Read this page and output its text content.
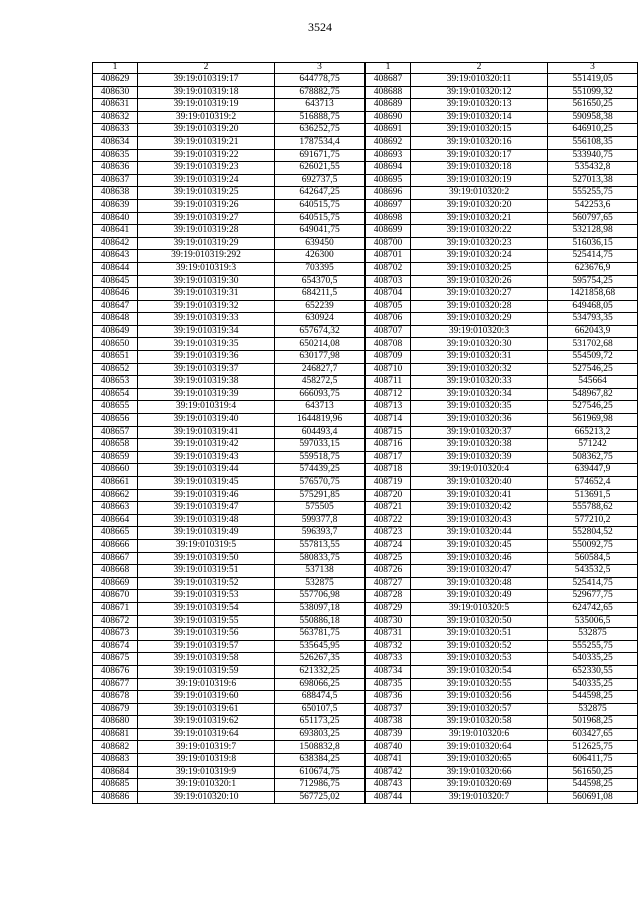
3524
1	2	3
408629	39:19:010319:17	644778,75
408630	39:19:010319:18	678882,75
408631	39:19:010319:19	643713
408632	39:19:010319:2	516888,75
408633	39:19:010319:20	636252,75
408634	39:19:010319:21	1787534,4
408635	39:19:010319:22	691671,75
408636	39:19:010319:23	626021,55
408637	39:19:010319:24	692737,5
408638	39:19:010319:25	642647,25
408639	39:19:010319:26	640515,75
408640	39:19:010319:27	640515,75
408641	39:19:010319:28	649041,75
408642	39:19:010319:29	639450
408643	39:19:010319:292	426300
408644	39:19:010319:3	703395
408645	39:19:010319:30	654370,5
408646	39:19:010319:31	684211,5
408647	39:19:010319:32	652239
408648	39:19:010319:33	630924
408649	39:19:010319:34	657674,32
408650	39:19:010319:35	650214,08
408651	39:19:010319:36	630177,98
408652	39:19:010319:37	246827,7
408653	39:19:010319:38	458272,5
408654	39:19:010319:39	666093,75
408655	39:19:010319:4	643713
408656	39:19:010319:40	1644819,96
408657	39:19:010319:41	604493,4
408658	39:19:010319:42	597033,15
408659	39:19:010319:43	559518,75
408660	39:19:010319:44	574439,25
408661	39:19:010319:45	576570,75
408662	39:19:010319:46	575291,85
408663	39:19:010319:47	575505
408664	39:19:010319:48	599377,8
408665	39:19:010319:49	596393,7
408666	39:19:010319:5	557813,55
408667	39:19:010319:50	580833,75
408668	39:19:010319:51	537138
408669	39:19:010319:52	532875
408670	39:19:010319:53	557706,98
408671	39:19:010319:54	538097,18
408672	39:19:010319:55	550886,18
408673	39:19:010319:56	563781,75
408674	39:19:010319:57	535645,95
408675	39:19:010319:58	526267,35
408676	39:19:010319:59	621332,25
408677	39:19:010319:6	698066,25
408678	39:19:010319:60	688474,5
408679	39:19:010319:61	650107,5
408680	39:19:010319:62	651173,25
408681	39:19:010319:64	693803,25
408682	39:19:010319:7	1508832,8
408683	39:19:010319:8	638384,25
408684	39:19:010319:9	610674,75
408685	39:19:010320:1	712986,75
408686	39:19:010320:10	567725,02
1	2	3
408687	39:19:010320:11	551419,05
408688	39:19:010320:12	551099,32
408689	39:19:010320:13	561650,25
408690	39:19:010320:14	590958,38
408691	39:19:010320:15	646910,25
408692	39:19:010320:16	556108,35
408693	39:19:010320:17	533940,75
408694	39:19:010320:18	535432,8
408695	39:19:010320:19	527013,38
408696	39:19:010320:2	555255,75
408697	39:19:010320:20	542253,6
408698	39:19:010320:21	560797,65
408699	39:19:010320:22	532128,98
408700	39:19:010320:23	516036,15
408701	39:19:010320:24	525414,75
408702	39:19:010320:25	623676,9
408703	39:19:010320:26	595754,25
408704	39:19:010320:27	1421858,68
408705	39:19:010320:28	649468,05
408706	39:19:010320:29	534793,35
408707	39:19:010320:3	662043,9
408708	39:19:010320:30	531702,68
408709	39:19:010320:31	554509,72
408710	39:19:010320:32	527546,25
408711	39:19:010320:33	545664
408712	39:19:010320:34	548967,82
408713	39:19:010320:35	527546,25
408714	39:19:010320:36	561969,98
408715	39:19:010320:37	665213,2
408716	39:19:010320:38	571242
408717	39:19:010320:39	508362,75
408718	39:19:010320:4	639447,9
408719	39:19:010320:40	574652,4
408720	39:19:010320:41	513691,5
408721	39:19:010320:42	555788,62
408722	39:19:010320:43	577210,2
408723	39:19:010320:44	552804,52
408724	39:19:010320:45	550092,75
408725	39:19:010320:46	560584,5
408726	39:19:010320:47	543532,5
408727	39:19:010320:48	525414,75
408728	39:19:010320:49	529677,75
408729	39:19:010320:5	624742,65
408730	39:19:010320:50	535006,5
408731	39:19:010320:51	532875
408732	39:19:010320:52	555255,75
408733	39:19:010320:53	540335,25
408734	39:19:010320:54	652330,55
408735	39:19:010320:55	540335,25
408736	39:19:010320:56	544598,25
408737	39:19:010320:57	532875
408738	39:19:010320:58	501968,25
408739	39:19:010320:6	603427,65
408740	39:19:010320:64	512625,75
408741	39:19:010320:65	606411,75
408742	39:19:010320:66	561650,25
408743	39:19:010320:69	544598,25
408744	39:19:010320:7	560691,08
